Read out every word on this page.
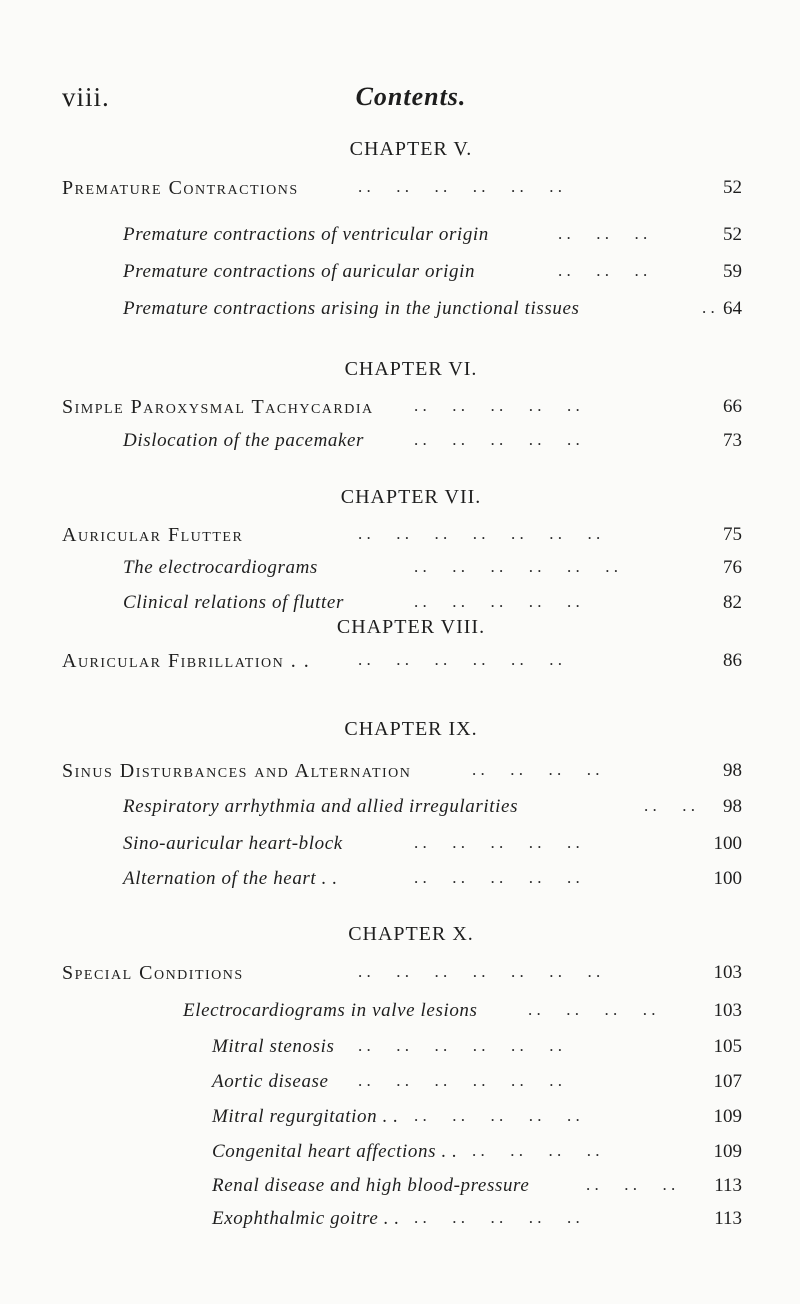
viii.	Contents.
CHAPTER V.
Premature Contractions	. .      . .      . .      . .      . .      . .	52
Premature contractions of ventricular origin	. .      . .      . .	52
Premature contractions of auricular origin	. .      . .      . .	59
Premature contractions arising in the junctional tissues	. . 64
CHAPTER VI.
Simple Paroxysmal Tachycardia . .      . .      . .      . .      . .	66
Dislocation of the pacemaker	. .      . .      . .      . .      . .	73
CHAPTER VII.
Auricular Flutter	. .      . .      . .      . .      . .      . .      . .	75
The electrocardiograms	. .      . .      . .      . .      . .      . .	76
Clinical relations of flutter	. .      . .      . .      . .      . .	82
CHAPTER VIII.
Auricular Fibrillation . .	. .      . .      . .      . .      . .      . .	86
CHAPTER IX.
Sinus Disturbances and Alternation	. .      . .      . .      . .	98
Respiratory arrhythmia and allied irregularities	. .      . . 98
Sino-auricular heart-block	. .      . .      . .      . .      . .	100
Alternation of the heart . .	. .      . .      . .      . .      . .	100
CHAPTER X.
Special Conditions	. .      . .      . .      . .      . .      . .      . .	103
Electrocardiograms in valve lesions	. .      . .      . .      . .	103
Mitral stenosis . .      . .      . .      . .      . .      . .	105
Aortic disease . .      . .      . .      . .      . .      . .	107
Mitral regurgitation . . . .      . .      . .      . .      . .	109
Congenital heart affections . . . .      . .      . .      . .	109
Renal disease and high blood-pressure	. .      . .      . . 113
Exophthalmic goitre . . . .      . .      . .      . .      . .	113
